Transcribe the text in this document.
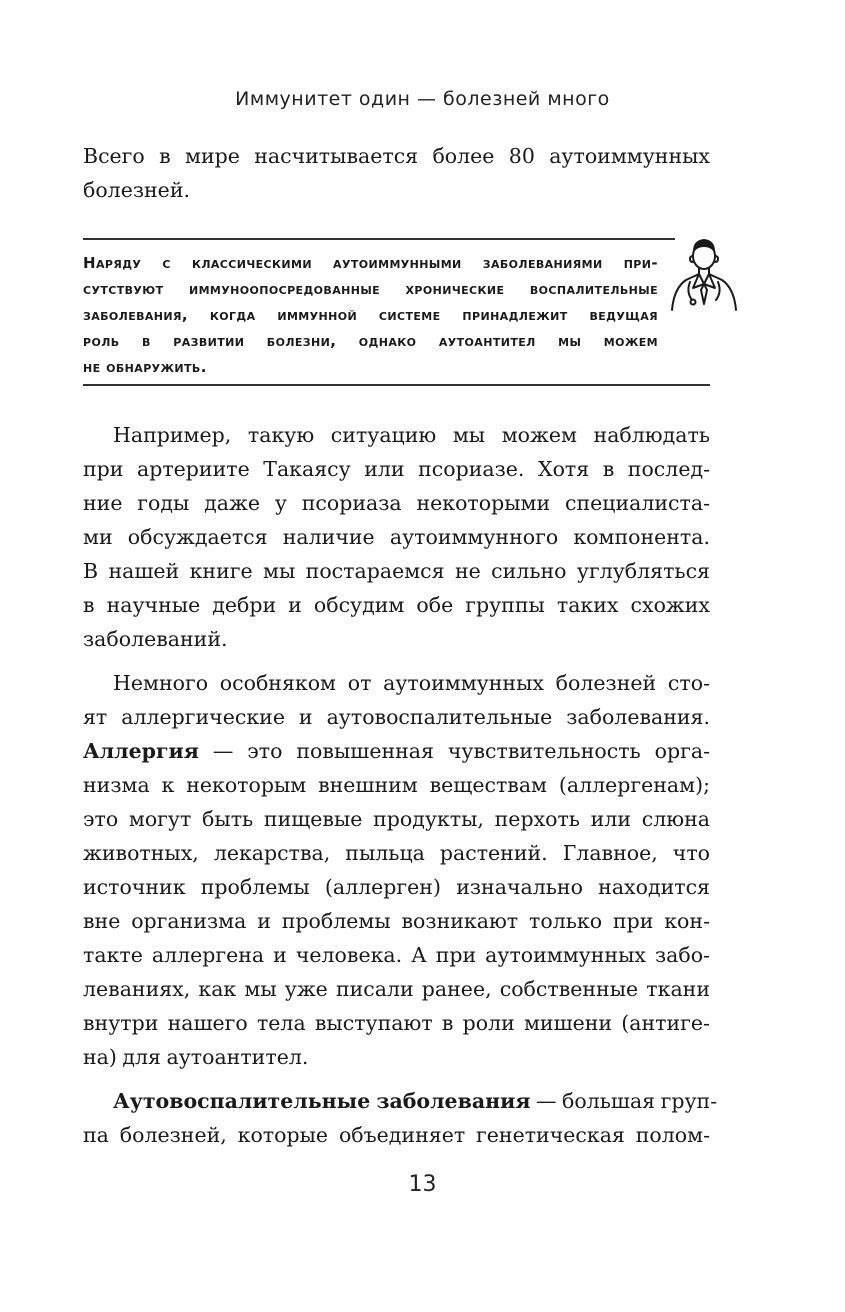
Иммунитет один — болезней много
Всего в мире насчитывается более 80 аутоиммунных
болезней.
Наряду с классическими аутоиммунными заболеваниями при-
сутствуют иммуноопосредованные хронические воспалительные
заболевания, когда иммунной системе принадлежит ведущая
роль в развитии болезни, однако аутоантител мы можем
не обнаружить.
Например, такую ситуацию мы можем наблюдать
при артериите Такаясу или псориазе. Хотя в послед-
ние годы даже у псориаза некоторыми специалиста-
ми обсуждается наличие аутоиммунного компонента.
В нашей книге мы постараемся не сильно углубляться
в научные дебри и обсудим обе группы таких схожих
заболеваний.
Немного особняком от аутоиммунных болезней сто-
ят аллергические и аутовоспалительные заболевания.
Аллергия — это повышенная чувствительность орга-
низма к некоторым внешним веществам (аллергенам);
это могут быть пищевые продукты, перхоть или слюна
животных, лекарства, пыльца растений. Главное, что
источник проблемы (аллерген) изначально находится
вне организма и проблемы возникают только при кон-
такте аллергена и человека. А при аутоиммунных забо-
леваниях, как мы уже писали ранее, собственные ткани
внутри нашего тела выступают в роли мишени (антиге-
на) для аутоантител.
Аутовоспалительные заболевания — большая груп-
па болезней, которые объединяет генетическая полом-
13
